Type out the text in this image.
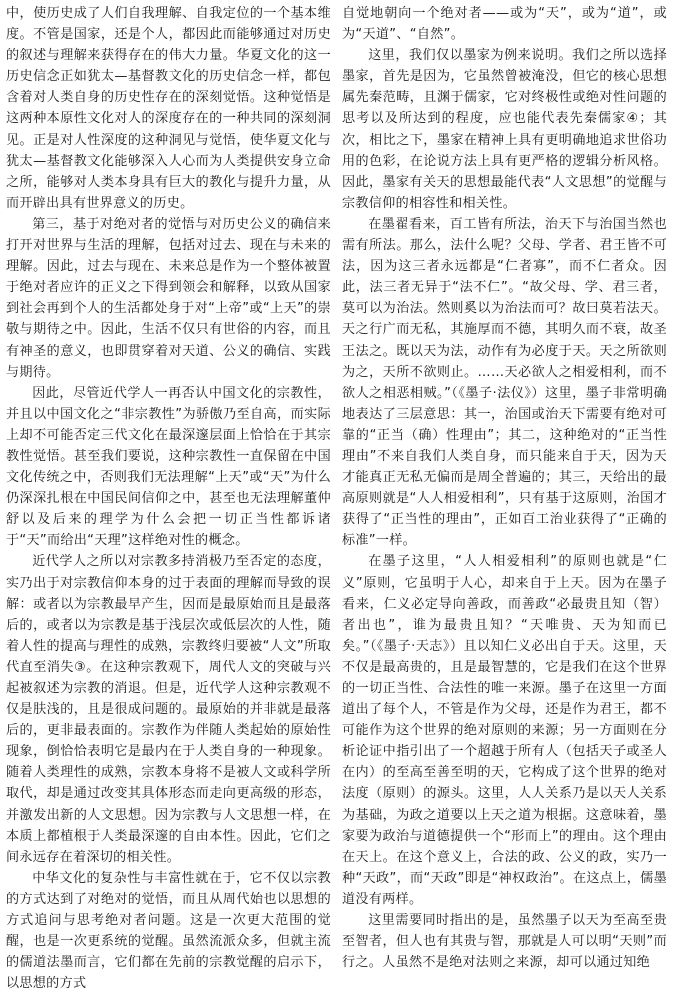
中，使历史成了人们自我理解、自我定位的一个基本维度。不管是国家，还是个人，都因此而能够通过对历史的叙述与理解来获得存在的伟大力量。华夏文化的这一历史信念正如犹太—基督教文化的历史信念一样，都包含着对人类自身的历史性存在的深刻觉悟。这种觉悟是这两种本原性文化对人的深度存在的一种共同的深刻洞见。正是对人性深度的这种洞见与觉悟，使华夏文化与犹太—基督教文化能够深入人心而为人类提供安身立命之所，能够对人类本身具有巨大的教化与提升力量，从而开辟出具有世界意义的历史。

第三，基于对绝对者的觉悟与对历史公义的确信来打开对世界与生活的理解，包括对过去、现在与未来的理解。因此，过去与现在、未来总是作为一个整体被置于绝对者应许的正义之下得到领会和解释，以致从国家到社会再到个人的生活都处身于对“上帝”或“上天”的崇敬与期待之中。因此，生活不仅只有世俗的内容，而且有神圣的意义，也即贯穿着对天道、公义的确信、实践与期待。

因此，尽管近代学人一再否认中国文化的宗教性，并且以中国文化之“非宗教性”为骄傲乃至自高，而实际上却不可能否定三代文化在最深邃层面上恰恰在于其宗教性觉悟。甚至我们要说，这种宗教性一直保留在中国文化传统之中，否则我们无法理解“上天”或“天”为什么仍深深扎根在中国民间信仰之中，甚至也无法理解董仲舒以及后来的理学为什么会把一切正当性都诉诸于“天”而给出“天理”这样绝对性的概念。

近代学人之所以对宗教多持消极乃至否定的态度，实乃出于对宗教信仰本身的过于表面的理解而导致的误解：或者以为宗教最早产生，因而是最原始而且是最落后的，或者以为宗教是基于浅层次或低层次的人性，随着人性的提高与理性的成熟，宗教终归要被“人文”所取代直至消失③。在这种宗教观下，周代人文的突破与兴起被叙述为宗教的消退。但是，近代学人这种宗教观不仅是肤浅的，且是很成问题的。最原始的并非就是最落后的，更非最表面的。宗教作为伴随人类起始的原始性现象，倒恰恰表明它是最内在于人类自身的一种现象。随着人类理性的成熟，宗教本身将不是被人文或科学所取代，却是通过改变其具体形态而走向更高级的形态，并激发出新的人文思想。因为宗教与人文思想一样，在本质上都植根于人类最深邃的自由本性。因此，它们之间永远存在着深切的相关性。

中华文化的复杂性与丰富性就在于，它不仅以宗教的方式达到了对绝对的觉悟，而且从周代始也以思想的方式追问与思考绝对者问题。这是一次更大范围的觉醒，也是一次更系统的觉醒。虽然流派众多，但就主流的儒道法墨而言，它们都在先前的宗教觉醒的启示下，以思想的方式

自觉地朝向一个绝对者——或为“天”，或为“道”，或为“天道”、“自然”。

这里，我们仅以墨家为例来说明。我们之所以选择墨家，首先是因为，它虽然曾被淹没，但它的核心思想属先秦范畴，且渊于儒家，它对终极性或绝对性问题的思考以及所达到的程度，应也能代表先秦儒家④；其次，相比之下，墨家在精神上具有更明确地追求世俗功用的色彩，在论说方法上具有更严格的逻辑分析风格。因此，墨家有关天的思想最能代表“人文思想”的觉醒与宗教信仰的相容性和相关性。

在墨翟看来，百工皆有所法，治天下与治国当然也需有所法。那么，法什么呢？父母、学者、君王皆不可法，因为这三者永远都是“仁者寡”，而不仁者众。因此，法三者无异于“法不仁”。“故父母、学、君三者，莫可以为治法。然则奚以为治法而可？故曰莫若法天。天之行广而无私，其施厚而不德，其明久而不衰，故圣王法之。既以天为法，动作有为必度于天。天之所欲则为之，天所不欲则止。……天必欲人之相爱相利，而不欲人之相恶相贼。”（《墨子·法仪》）这里，墨子非常明确地表达了三层意思：其一，治国或治天下需要有绝对可靠的“正当（确）性理由”；其二，这种绝对的“正当性理由”不来自我们人类自身，而只能来自于天，因为天才能真正无私无偏而是周全普遍的；其三，天给出的最高原则就是“人人相爱相利”，只有基于这原则，治国才获得了“正当性的理由”，正如百工治业获得了“正确的标准”一样。

在墨子这里，“人人相爱相利”的原则也就是“仁义”原则，它虽明于人心，却来自于上天。因为在墨子看来，仁义必定导向善政，而善政“必最贵且知（智）者出也”，谁为最贵且知？“天唯贵、天为知而已矣。”（《墨子·天志》）且以知仁义必出自于天。这里，天不仅是最高贵的，且是最智慧的，它是我们在这个世界的一切正当性、合法性的唯一来源。墨子在这里一方面道出了每个人，不管是作为父母，还是作为君王，都不可能作为这个世界的绝对原则的来源；另一方面则在分析论证中指引出了一个超越于所有人（包括天子或圣人在内）的至高至善至明的天，它构成了这个世界的绝对法度（原则）的源头。这里，人人关系乃是以天人关系为基础，为政之道要以上天之道为根据。这意味着，墨家要为政治与道德提供一个“形而上”的理由。这个理由在天上。在这个意义上，合法的政、公义的政，实乃一种“天政”，而“天政”即是“神权政治”。在这点上，儒墨道没有两样。

这里需要同时指出的是，虽然墨子以天为至高至贵至智者，但人也有其贵与智，那就是人可以明“天则”而行之。人虽然不是绝对法则之来源，却可以通过知绝
